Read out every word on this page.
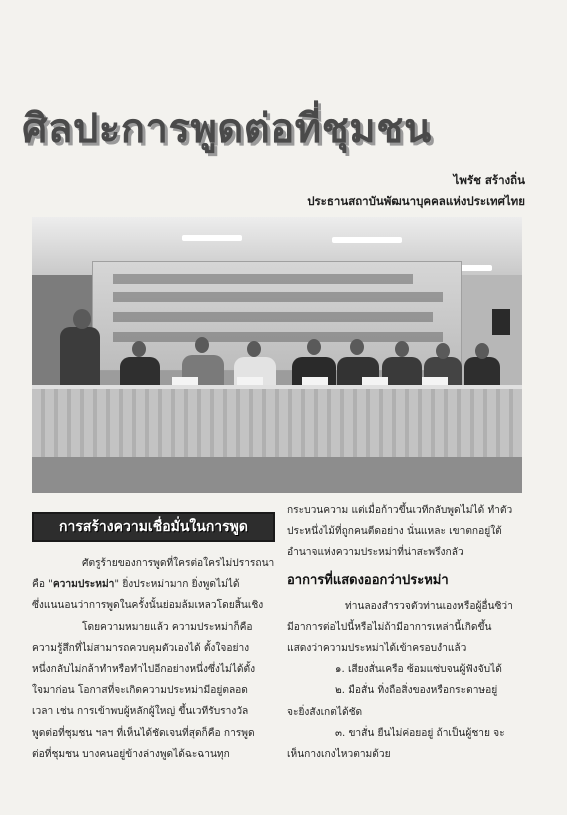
ศิลปะการพูดต่อที่ชุมชน
ไพรัช สร้างถิ่น
ประธานสถาบันพัฒนาบุคคลแห่งประเทศไทย
การสร้างความเชื่อมั่นในการพูด

ศัตรูร้ายของการพูดที่ใครต่อใครไม่ปรารถนา

คือ "ความประหม่า" ยิ่งประหม่ามาก ยิ่งพูดไม่ได้

ซึ่งแนนอนว่าการพูดในครั้งนั้นย่อมล้มเหลวโดยสิ้นเชิง

โดยความหมายแล้ว ความประหม่าก็คือ

ความรู้สึกที่ไม่สามารถควบคุมตัวเองได้ ตั้งใจอย่าง

หนึ่งกลับไม่กล้าทำหรือทำไปอีกอย่างหนึ่งซึ่งไม่ได้ตั้ง

ใจมาก่อน โอกาสที่จะเกิดความประหม่ามีอยู่ตลอด

เวลา เช่น การเข้าพบผู้หลักผู้ใหญ่ ขึ้นเวทีรับรางวัล

พูดต่อที่ชุมชน ฯลฯ ที่เห็นได้ชัดเจนที่สุดก็คือ การพูด

ต่อที่ชุมชน บางคนอยู่ข้างล่างพูดได้ฉะฉานทุก

กระบวนความ แต่เมื่อก้าวขึ้นเวทีกลับพูดไม่ได้ ทำตัว

ประหนึ่งไม้ที่ถูกคนตีดอย่าง นั่นแหละ เขาตกอยู่ใต้

อำนาจแห่งความประหม่าที่น่าสะพรึงกลัว

อาการที่แสดงออกว่าประหม่า

ท่านลองสำรวจตัวท่านเองหรือผู้อื่นซิว่า

มีอาการต่อไปนี้หรือไม่ถ้ามีอาการเหล่านี้เกิดขึ้น

แสดงว่าความประหม่าได้เข้าครอบงำแล้ว

๑. เสียงสั่นเครือ ซ้อมแซ่บจนผู้ฟังจับได้

๒. มือสั่น ทิ่งถือสิ่งของหรือกระดาษอยู่

จะยิ่งสังเกตได้ชัด

๓. ขาสั่น ยืนไม่ค่อยอยู่ ถ้าเป็นผู้ชาย จะ

เห็นกางเกงไหวตามด้วย
